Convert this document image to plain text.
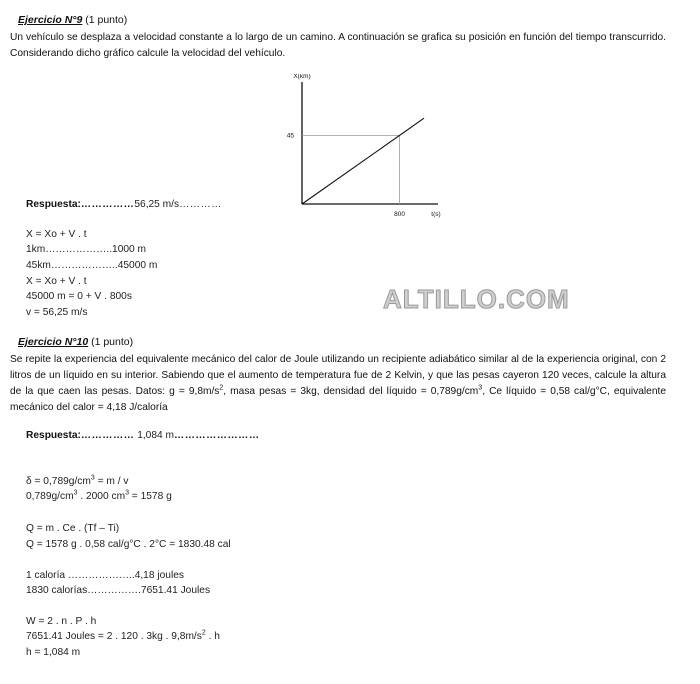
Ejercicio N°9 (1 punto)
Un vehículo se desplaza a velocidad constante a lo largo de un camino. A continuación se grafica su posición en función del tiempo transcurrido. Considerando dicho gráfico calcule la velocidad del vehículo.
800
45
X(km)
t(s)
Respuesta:……………56,25 m/s…………
X = Xo + V . t
1km………………..1000 m
45km………………..45000 m
X = Xo + V . t
45000 m = 0 + V . 800s
v = 56,25 m/s	ALTILLO.COM
Ejercicio N°10 (1 punto)
Se repite la experiencia del equivalente mecánico del calor de Joule utilizando un recipiente adiabático similar al de la experiencia original, con 2 litros de un líquido en su interior. Sabiendo que el aumento de temperatura fue de 2 Kelvin, y que las pesas cayeron 120 veces, calcule la altura de la que caen las pesas. Datos: $g = 9,8m/s^2$, masa pesas = 3kg, densidad del líquido = $0,789g/cm^3$, Ce líquido = 0,58 cal/g°C, equivalente mecánico del calor = 4,18 J/caloría
Respuesta:…………… 1,084 m……………………
$\delta = 0,789g/cm^3 = m / v$
$0,789g/cm^3$ . 2000 $cm^3 = 1578$ g
Q = m . Ce . (Tf – Ti)
Q = 1578 g . 0,58 cal/g°C . 2°C = 1830.48 cal
1 caloría ………………..4,18 joules
1830 calorías…………….7651.41 Joules
W = 2 . n . P . h
7651.41 Joules = 2 . 120 . 3kg . $9,8m/s^2$ . h
h = 1,084 m
